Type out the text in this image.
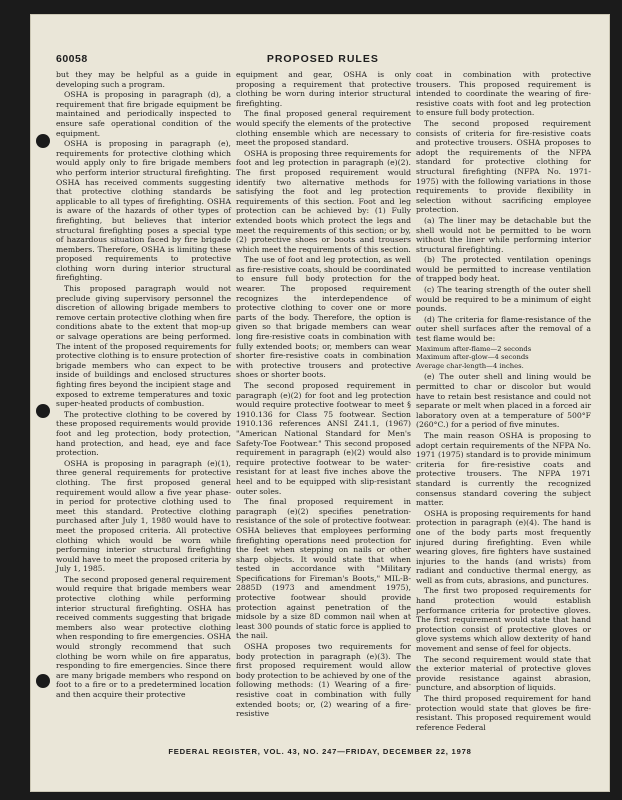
60058	PROPOSED RULES

but they may be helpful as a guide in developing such a program.

OSHA is proposing in paragraph (d), a requirement that fire brigade equipment be maintained and periodically inspected to ensure safe operational condition of the equipment.

OSHA is proposing in paragraph (e), requirements for protective clothing which would apply only to fire brigade members who perform interior structural firefighting. OSHA has received comments suggesting that protective clothing standards be applicable to all types of firefighting. OSHA is aware of the hazards of other types of firefighting, but believes that interior structural firefighting poses a special type of hazardous situation faced by fire brigade members. Therefore, OSHA is limiting these proposed requirements to protective clothing worn during interior structural firefighting.

This proposed paragraph would not preclude giving supervisory personnel the discretion of allowing brigade members to remove certain protective clothing when fire conditions abate to the extent that mop-up or salvage operations are being performed. The intent of the proposed requirements for protective clothing is to ensure protection of brigade members who can expect to be inside of buildings and enclosed structures fighting fires beyond the incipient stage and exposed to extreme temperatures and toxic super-heated products of combustion.

The protective clothing to be covered by these proposed requirements would provide foot and leg protection, body protection, hand protection, and head, eye and face protection.

OSHA is proposing in paragraph (e)(1), three general requirements for protective clothing. The first proposed general requirement would allow a five year phase-in period for protective clothing used to meet this standard. Protective clothing purchased after July 1, 1980 would have to meet the proposed criteria. All protective clothing which would be worn while performing interior structural firefighting would have to meet the proposed criteria by July 1, 1985.

The second proposed general requirement would require that brigade members wear protective clothing while performing interior structural firefighting. OSHA has received comments suggesting that brigade members also wear protective clothing when responding to fire emergencies. OSHA would strongly recommend that such clothing be worn while on fire apparatus, responding to fire emergencies. Since there are many brigade members who respond on foot to a fire or to a predetermined location and then acquire their protective

equipment and gear, OSHA is only proposing a requirement that protective clothing be worn during interior structural firefighting.

The final proposed general requirement would specify the elements of the protective clothing ensemble which are necessary to meet the proposed standard.

OSHA is proposing three requirements for foot and leg protection in paragraph (e)(2). The first proposed requirement would identify two alternative methods for satisfying the foot and leg protection requirements of this section. Foot and leg protection can be achieved by: (1) Fully extended boots which protect the legs and meet the requirements of this section; or by, (2) protective shoes or boots and trousers which meet the requirements of this section.

The use of foot and leg protection, as well as fire-resistive coats, should be coordinated to ensure full body protection for the wearer. The proposed requirement recognizes the interdependence of protective clothing to cover one or more parts of the body. Therefore, the option is given so that brigade members can wear long fire-resistive coats in combination with fully extended boots; or, members can wear shorter fire-resistive coats in combination with protective trousers and protective shoes or shorter boots.

The second proposed requirement in paragraph (e)(2) for foot and leg protection would require protective footwear to meet § 1910.136 for Class 75 footwear. Section 1910.136 references ANSI Z41.1, (1967) "American National Standard for Men's Safety-Toe Footwear." This second proposed requirement in paragraph (e)(2) would also require protective footwear to be water-resistant for at least five inches above the heel and to be equipped with slip-resistant outer soles.

The final proposed requirement in paragraph (e)(2) specifies penetration-resistance of the sole of protective footwear. OSHA believes that employees performing firefighting operations need protection for the feet when stepping on nails or other sharp objects. It would state that when tested in accordance with "Military Specifications for Fireman's Boots," MIL-B-2885D (1973 and amendment 1975), protective footwear should provide protection against penetration of the midsole by a size 8D common nail when at least 300 pounds of static force is applied to the nail.

OSHA proposes two requirements for body protection in paragraph (e)(3). The first proposed requirement would allow body protection to be achieved by one of the following methods: (1) Wearing of a fire-resistive coat in combination with fully extended boots; or, (2) wearing of a fire-resistive

coat in combination with protective trousers. This proposed requirement is intended to coordinate the wearing of fire-resistive coats with foot and leg protection to ensure full body protection.

The second proposed requirement consists of criteria for fire-resistive coats and protective trousers. OSHA proposes to adopt the requirements of the NFPA standard for protective clothing for structural firefighting (NFPA No. 1971-1975) with the following variations in those requirements to provide flexibility in selection without sacrificing employee protection.

(a) The liner may be detachable but the shell would not be permitted to be worn without the liner while performing interior structural firefighting.

(b) The protected ventilation openings would be permitted to increase ventilation of trapped body heat.

(c) The tearing strength of the outer shell would be required to be a minimum of eight pounds.

(d) The criteria for flame-resistance of the outer shell surfaces after the removal of a test flame would be:

Maximum after-flame—2 seconds
Maximum after-glow—4 seconds
Average char-length—4 inches.

(e) The outer shell and lining would be permitted to char or discolor but would have to retain best resistance and could not separate or melt when placed in a forced air laboratory oven at a temperature of 500°F (260°C.) for a period of five minutes.

The main reason OSHA is proposing to adopt certain requirements of the NFPA No. 1971 (1975) standard is to provide minimum criteria for fire-resistive coats and protective trousers. The NFPA 1971 standard is currently the recognized consensus standard covering the subject matter.

OSHA is proposing requirements for hand protection in paragraph (e)(4). The hand is one of the body parts most frequently injured during firefighting. Even while wearing gloves, fire fighters have sustained injuries to the hands (and wrists) from radiant and conductive thermal energy, as well as from cuts, abrasions, and punctures.

The first two proposed requirements for hand protection would establish performance criteria for protective gloves. The first requirement would state that hand protection consist of protective gloves or glove systems which allow dexterity of hand movement and sense of feel for objects.

The second requirement would state that the exterior material of protective gloves provide resistance against abrasion, puncture, and absorption of liquids.

The third proposed requirement for hand protection would state that gloves be fire-resistant. This proposed requirement would reference Federal

FEDERAL REGISTER, VOL. 43, NO. 247—FRIDAY, DECEMBER 22, 1978
